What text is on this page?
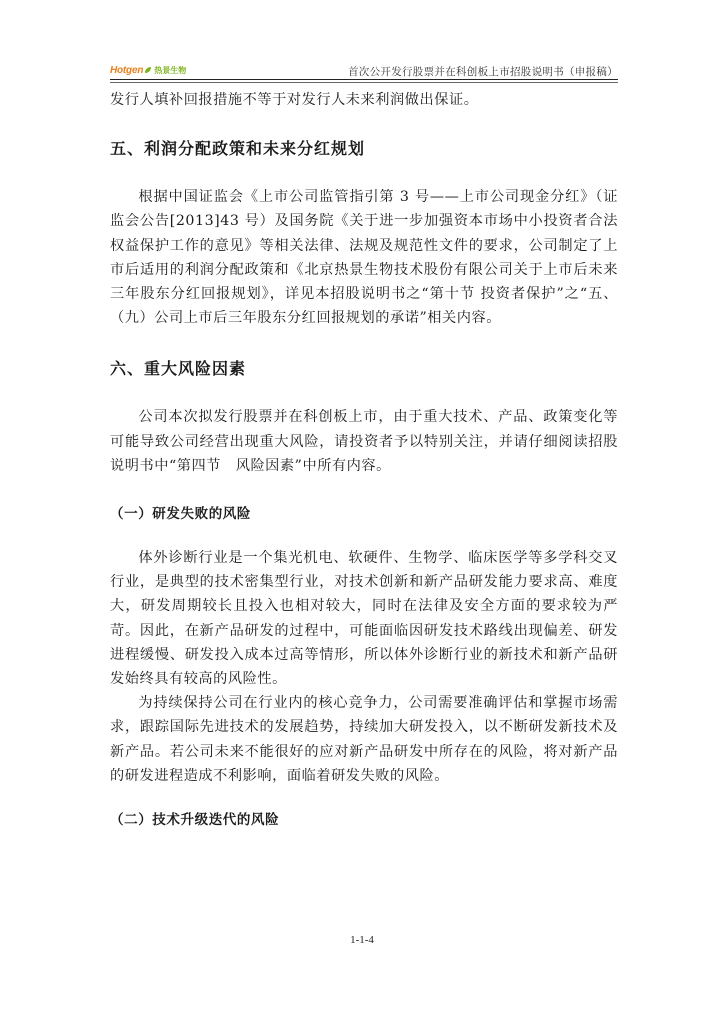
Hotgen 热景生物	首次公开发行股票并在科创板上市招股说明书（申报稿）

发行人填补回报措施不等于对发行人未来利润做出保证。

五、利润分配政策和未来分红规划

根据中国证监会《上市公司监管指引第 3 号——上市公司现金分红》（证监会公告[2013]43 号）及国务院《关于进一步加强资本市场中小投资者合法权益保护工作的意见》等相关法律、法规及规范性文件的要求，公司制定了上市后适用的利润分配政策和《北京热景生物技术股份有限公司关于上市后未来三年股东分红回报规划》，详见本招股说明书之“第十节 投资者保护”之“五、（九）公司上市后三年股东分红回报规划的承诺”相关内容。

六、重大风险因素

公司本次拟发行股票并在科创板上市，由于重大技术、产品、政策变化等可能导致公司经营出现重大风险，请投资者予以特别关注，并请仔细阅读招股说明书中“第四节　风险因素”中所有内容。

（一）研发失败的风险

体外诊断行业是一个集光机电、软硬件、生物学、临床医学等多学科交叉行业，是典型的技术密集型行业，对技术创新和新产品研发能力要求高、难度大，研发周期较长且投入也相对较大，同时在法律及安全方面的要求较为严苛。因此，在新产品研发的过程中，可能面临因研发技术路线出现偏差、研发进程缓慢、研发投入成本过高等情形，所以体外诊断行业的新技术和新产品研发始终具有较高的风险性。

为持续保持公司在行业内的核心竞争力，公司需要准确评估和掌握市场需求，跟踪国际先进技术的发展趋势，持续加大研发投入，以不断研发新技术及新产品。若公司未来不能很好的应对新产品研发中所存在的风险，将对新产品的研发进程造成不利影响，面临着研发失败的风险。

（二）技术升级迭代的风险
1-1-4
